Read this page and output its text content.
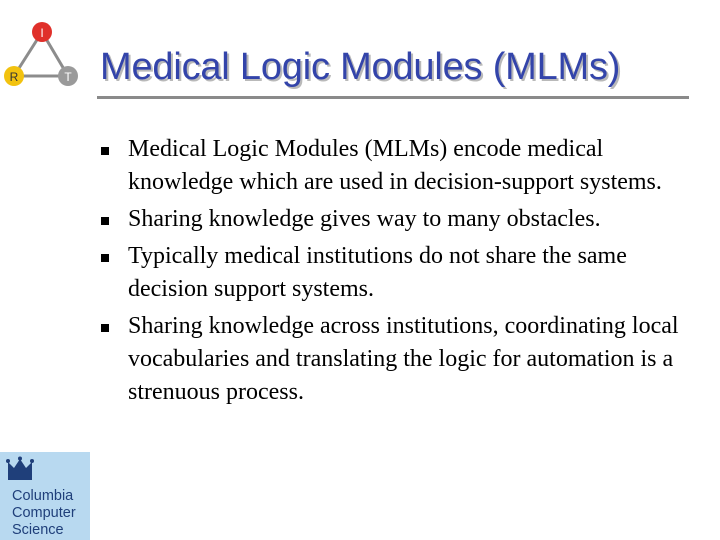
I
R	T Medical Logic Modules (MLMs)
Medical Logic Modules (MLMs) encode medical knowledge which are used in decision-support systems.
Sharing knowledge gives way to many obstacles.
Typically medical institutions do not share the same decision support systems.
Sharing knowledge across institutions, coordinating local vocabularies and translating the logic for automation is a strenuous process.
Columbia
Computer
Science
